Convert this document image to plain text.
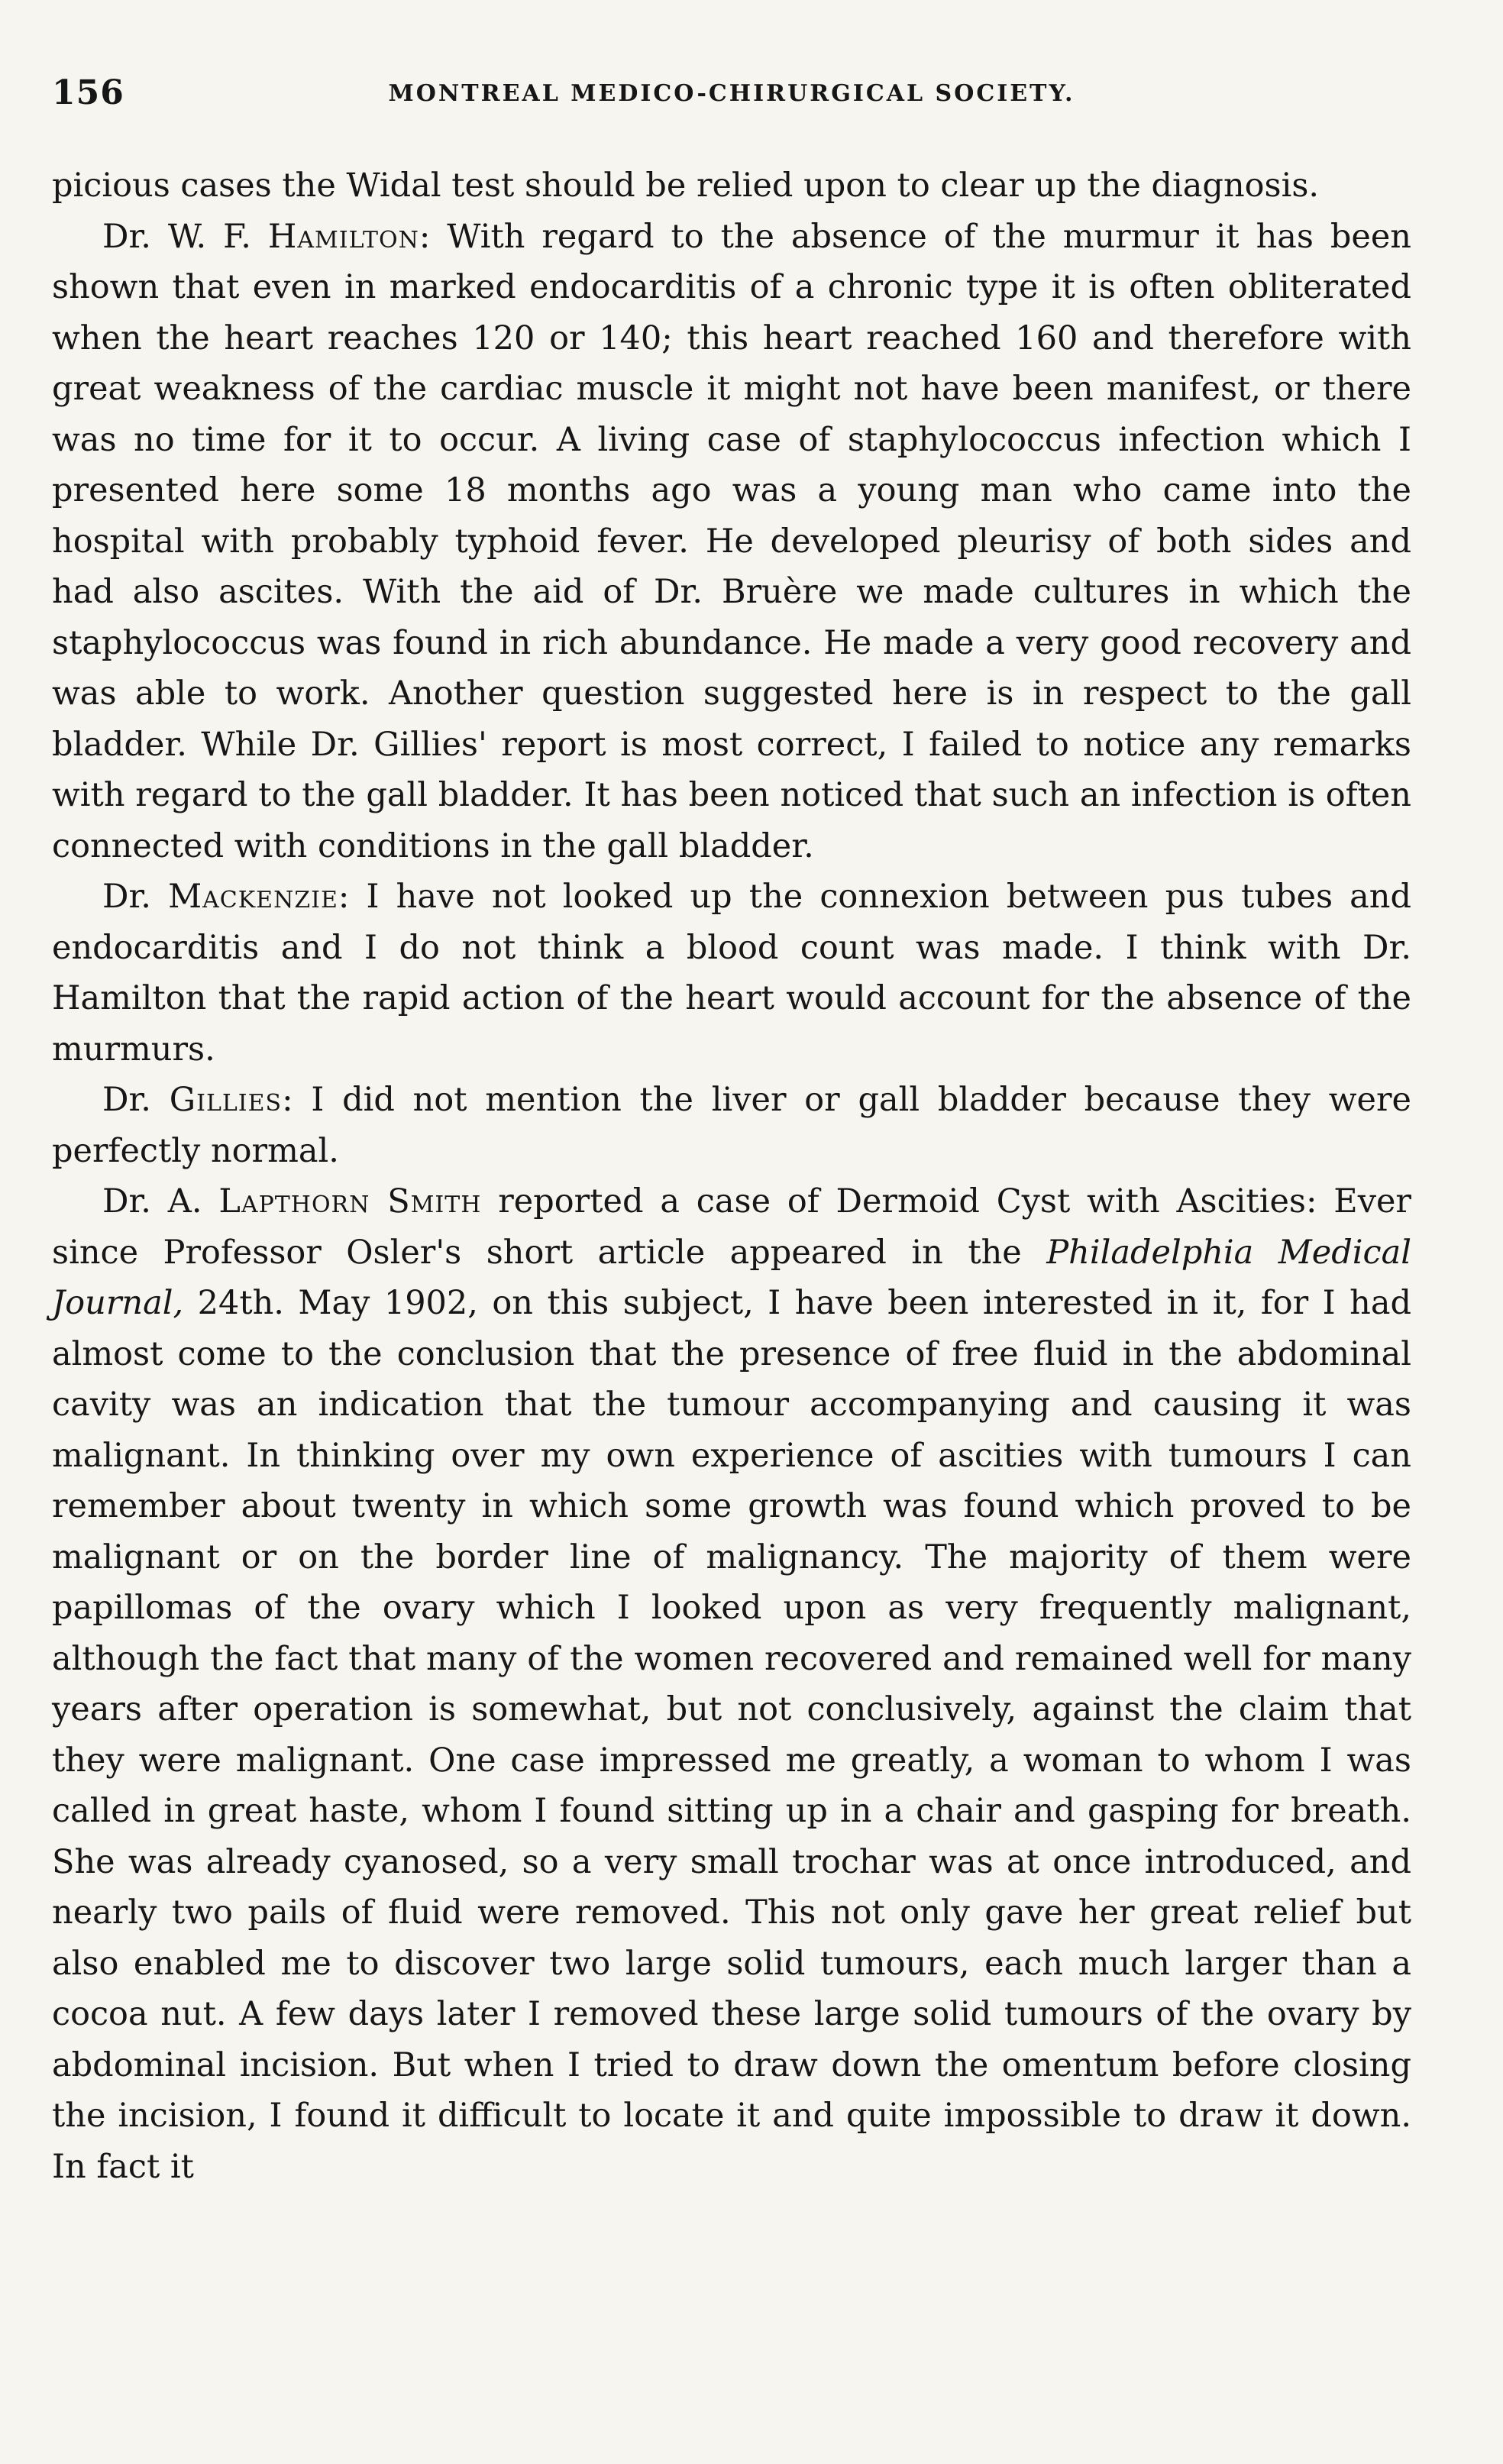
156	MONTREAL MEDICO-CHIRURGICAL SOCIETY.

picious cases the Widal test should be relied upon to clear up the diagnosis.

Dr. W. F. Hamilton: With regard to the absence of the murmur it has been shown that even in marked endocarditis of a chronic type it is often obliterated when the heart reaches 120 or 140; this heart reached 160 and therefore with great weakness of the cardiac muscle it might not have been manifest, or there was no time for it to occur. A living case of staphylococcus infection which I presented here some 18 months ago was a young man who came into the hospital with probably typhoid fever. He developed pleurisy of both sides and had also ascites. With the aid of Dr. Bruère we made cultures in which the staphylococcus was found in rich abundance. He made a very good recovery and was able to work. Another question suggested here is in respect to the gall bladder. While Dr. Gillies' report is most correct, I failed to notice any remarks with regard to the gall bladder. It has been noticed that such an infection is often connected with conditions in the gall bladder.

Dr. Mackenzie: I have not looked up the connexion between pus tubes and endocarditis and I do not think a blood count was made. I think with Dr. Hamilton that the rapid action of the heart would account for the absence of the murmurs.

Dr. Gillies: I did not mention the liver or gall bladder because they were perfectly normal.

Dr. A. Lapthorn Smith reported a case of Dermoid Cyst with Ascities: Ever since Professor Osler's short article appeared in the Philadelphia Medical Journal, 24th. May 1902, on this subject, I have been interested in it, for I had almost come to the conclusion that the presence of free fluid in the abdominal cavity was an indication that the tumour accompanying and causing it was malignant. In thinking over my own experience of ascities with tumours I can remember about twenty in which some growth was found which proved to be malignant or on the border line of malignancy. The majority of them were papillomas of the ovary which I looked upon as very frequently malignant, although the fact that many of the women recovered and remained well for many years after operation is somewhat, but not conclusively, against the claim that they were malignant. One case impressed me greatly, a woman to whom I was called in great haste, whom I found sitting up in a chair and gasping for breath. She was already cyanosed, so a very small trochar was at once introduced, and nearly two pails of fluid were removed. This not only gave her great relief but also enabled me to discover two large solid tumours, each much larger than a cocoa nut. A few days later I removed these large solid tumours of the ovary by abdominal incision. But when I tried to draw down the omentum before closing the incision, I found it difficult to locate it and quite impossible to draw it down. In fact it
